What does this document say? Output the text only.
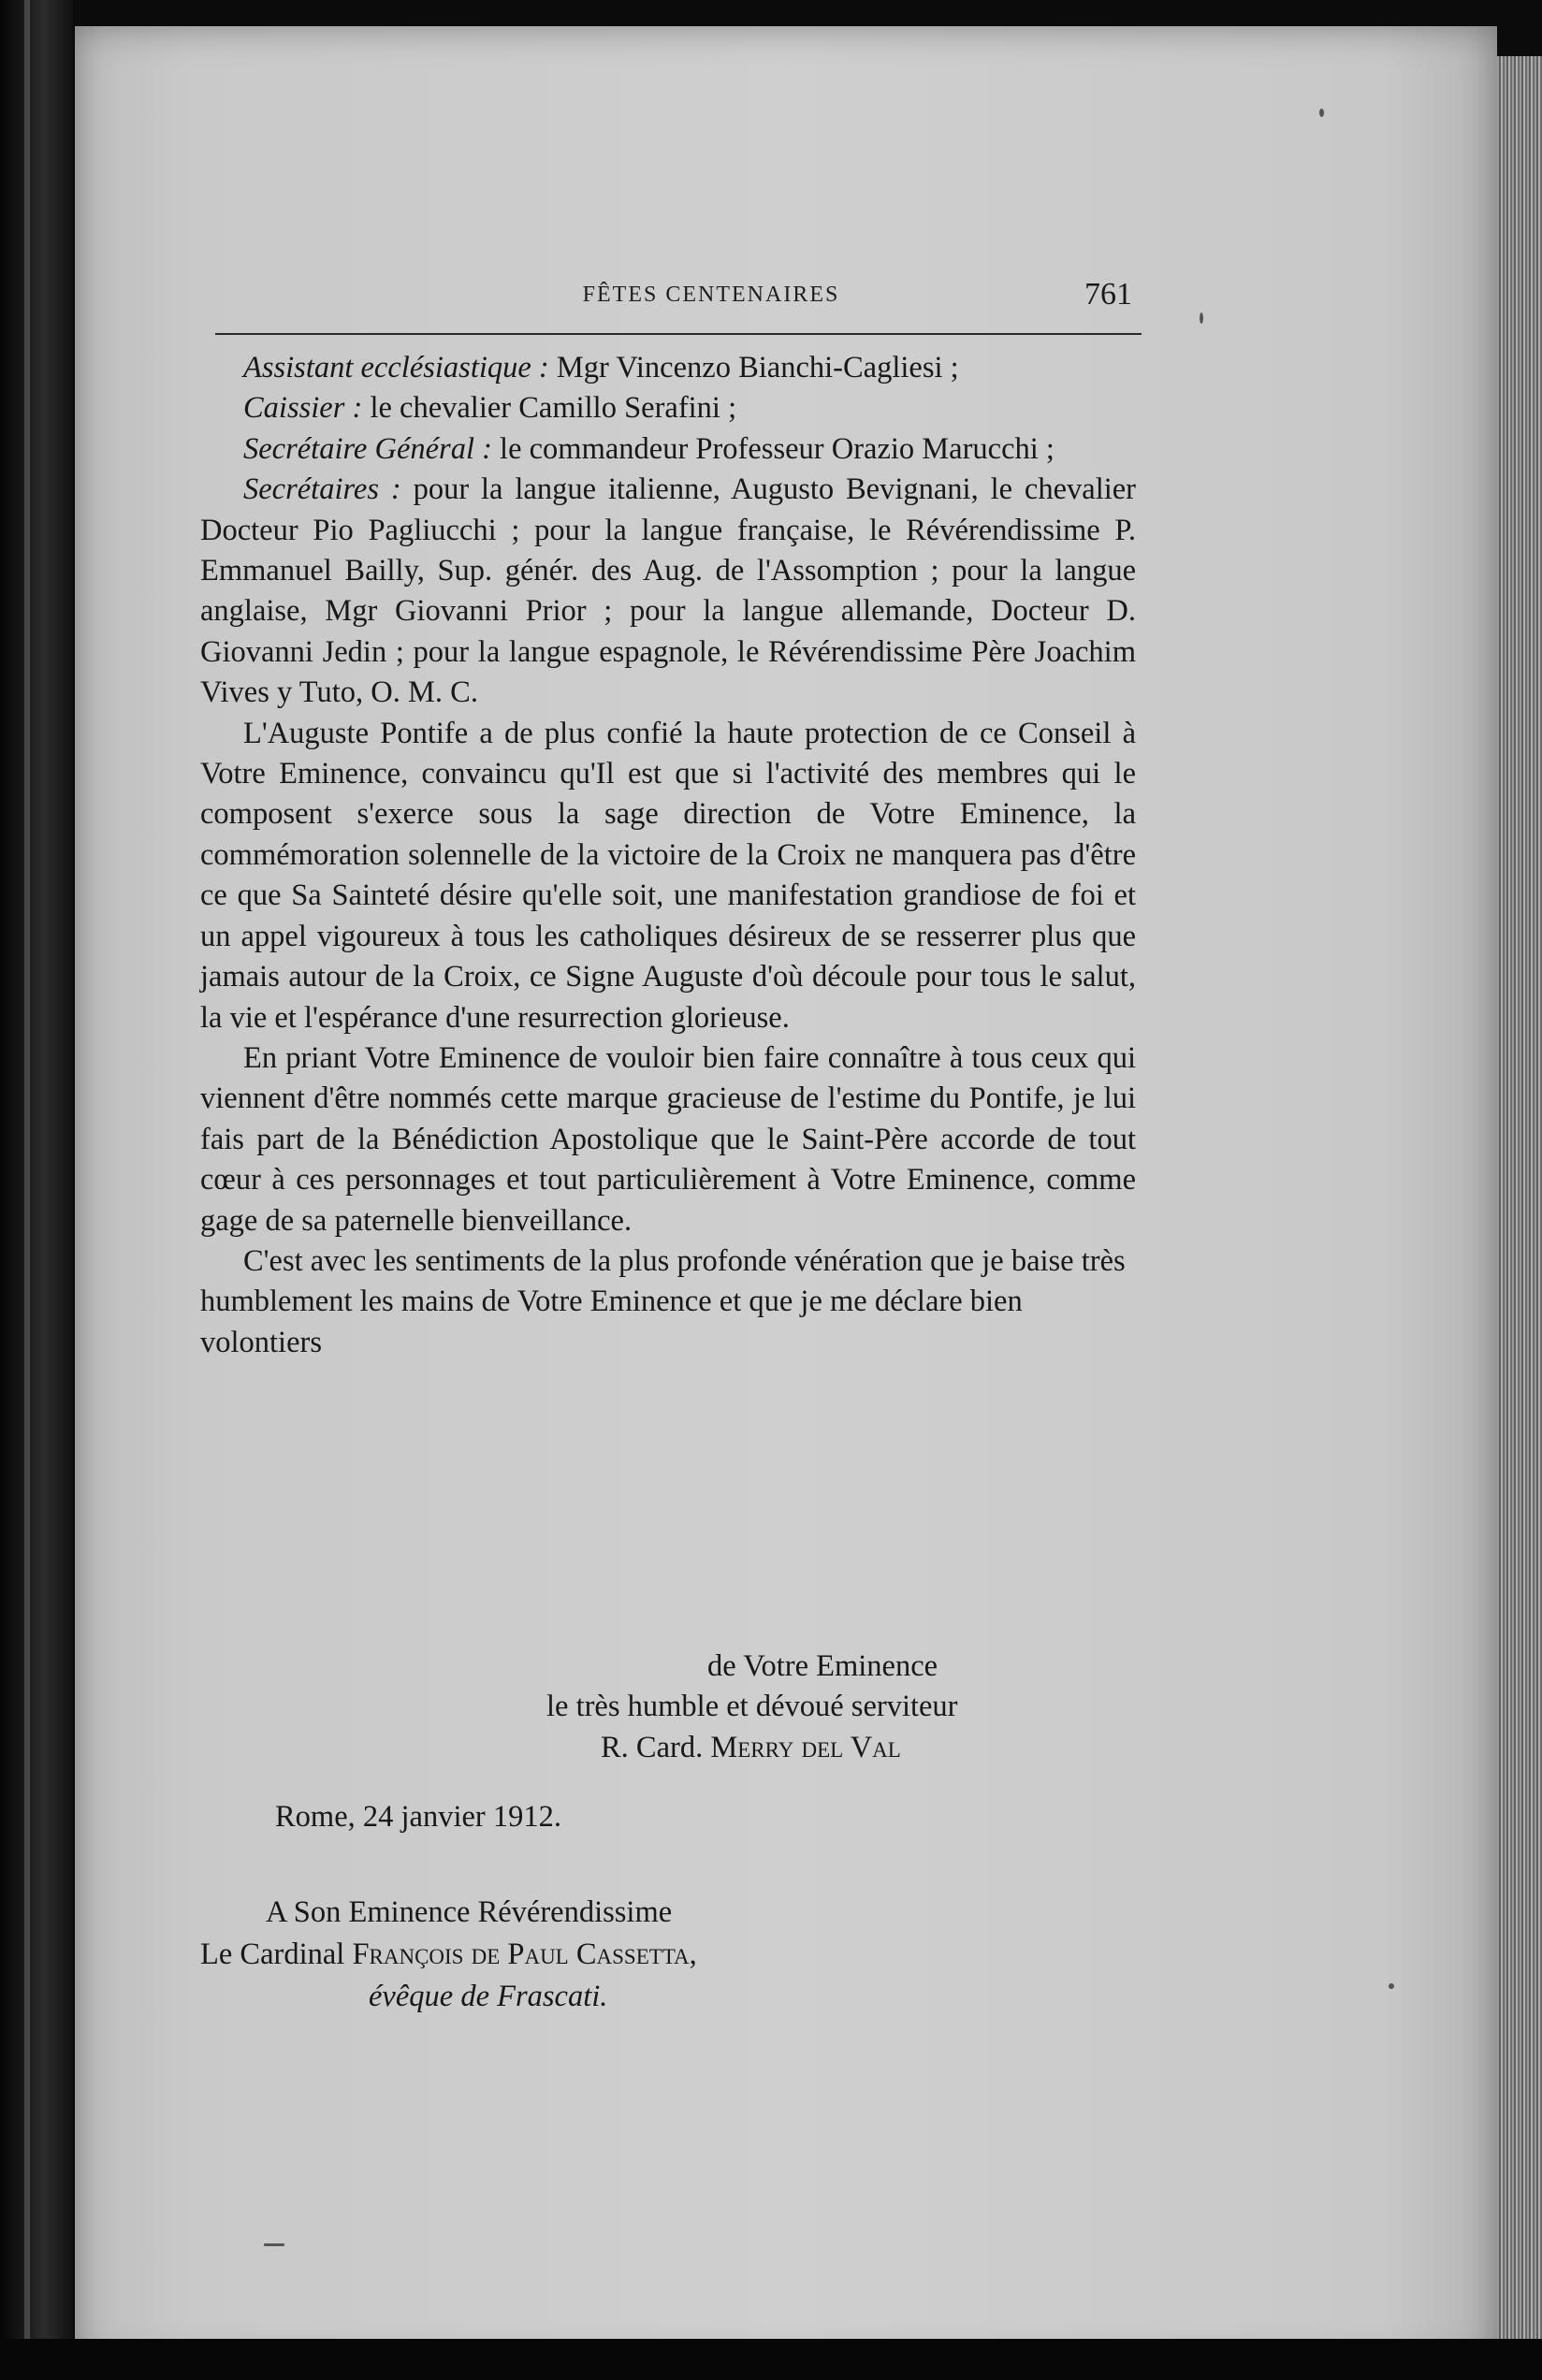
FÊTES CENTENAIRES	761

Assistant ecclésiastique : Mgr Vincenzo Bianchi-Cagliesi ;

Caissier : le chevalier Camillo Serafini ;

Secrétaire Général : le commandeur Professeur Orazio Marucchi ;

Secrétaires : pour la langue italienne, Augusto Bevignani, le chevalier Docteur Pio Pagliucchi ; pour la langue française, le Révérendissime P. Emmanuel Bailly, Sup. génér. des Aug. de l'Assomption ; pour la langue anglaise, Mgr Giovanni Prior ; pour la langue allemande, Docteur D. Giovanni Jedin ; pour la langue espagnole, le Révérendissime Père Joachim Vives y Tuto, O. M. C.

L'Auguste Pontife a de plus confié la haute protection de ce Conseil à Votre Eminence, convaincu qu'Il est que si l'activité des membres qui le composent s'exerce sous la sage direction de Votre Eminence, la commémoration solennelle de la victoire de la Croix ne manquera pas d'être ce que Sa Sainteté désire qu'elle soit, une manifestation grandiose de foi et un appel vigoureux à tous les catholiques désireux de se resserrer plus que jamais autour de la Croix, ce Signe Auguste d'où découle pour tous le salut, la vie et l'espérance d'une resurrection glorieuse.

En priant Votre Eminence de vouloir bien faire connaître à tous ceux qui viennent d'être nommés cette marque gracieuse de l'estime du Pontife, je lui fais part de la Bénédiction Apostolique que le Saint-Père accorde de tout cœur à ces personnages et tout particulièrement à Votre Eminence, comme gage de sa paternelle bienveillance.

C'est avec les sentiments de la plus profonde vénération que je baise très humblement les mains de Votre Eminence et que je me déclare bien volontiers

de Votre Eminence
le très humble et dévoué serviteur
R. Card. Merry del Val
Rome, 24 janvier 1912.
A Son Eminence Révérendissime
Le Cardinal François de Paul Cassetta,
évêque de Frascati.
